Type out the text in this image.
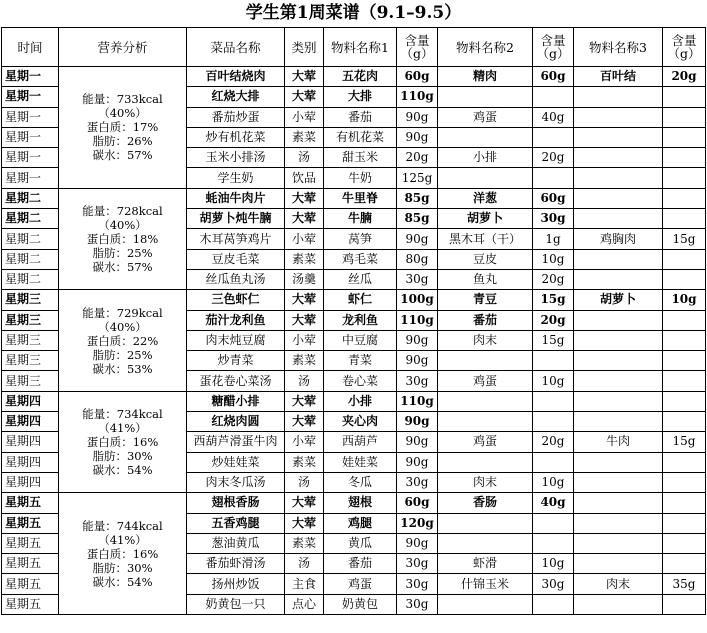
学生第1周菜谱（9.1–9.5）
时间	营养分析	菜品名称	类别	物料名称1	含量（g）	物料名称2	含量（g）	物料名称3	含量（g）
星期一	能量：733kcal
（40%）
蛋白质：17%
脂肪：26%
碳水：57%	百叶结烧肉	大荤	五花肉	60g	精肉	60g	百叶结	20g
星期一		红烧大排	大荤	大排	110g				
星期一		番茄炒蛋	小荤	番茄	90g	鸡蛋	40g		
星期一		炒有机花菜	素菜	有机花菜	90g				
星期一		玉米小排汤	汤	甜玉米	20g	小排	20g		
星期一		学生奶	饮品	牛奶	125g				
星期二	能量：728kcal
（40%）
蛋白质：18%
脂肪：25%
碳水：57%	蚝油牛肉片	大荤	牛里脊	85g	洋葱	60g		
星期二		胡萝卜炖牛腩	大荤	牛腩	85g	胡萝卜	30g		
星期二		木耳莴笋鸡片	小荤	莴笋	90g	黑木耳（干）	1g	鸡胸肉	15g
星期二		豆皮毛菜	素菜	鸡毛菜	80g	豆皮	10g		
星期二		丝瓜鱼丸汤	汤羹	丝瓜	30g	鱼丸	20g		
星期三	能量：729kcal
（40%）
蛋白质：22%
脂肪：25%
碳水：53%	三色虾仁	大荤	虾仁	100g	青豆	15g	胡萝卜	10g
星期三		茄汁龙利鱼	大荤	龙利鱼	110g	番茄	20g		
星期三		肉末炖豆腐	小荤	中豆腐	90g	肉末	15g		
星期三		炒青菜	素菜	青菜	90g				
星期三		蛋花卷心菜汤	汤	卷心菜	30g	鸡蛋	10g		
星期四	能量：734kcal
（41%）
蛋白质：16%
脂肪：30%
碳水：54%	糖醋小排	大荤	小排	110g				
星期四		红烧肉圆	大荤	夹心肉	90g				
星期四		西葫芦滑蛋牛肉	小荤	西葫芦	90g	鸡蛋	20g	牛肉	15g
星期四		炒娃娃菜	素菜	娃娃菜	90g				
星期四		肉末冬瓜汤	汤	冬瓜	30g	肉末	10g		
星期五	能量：744kcal
（41%）
蛋白质：16%
脂肪：30%
碳水：54%	翅根香肠	大荤	翅根	60g	香肠	40g		
星期五		五香鸡腿	大荤	鸡腿	120g				
星期五		葱油黄瓜	素菜	黄瓜	90g				
星期五		番茄虾滑汤	汤	番茄	30g	虾滑	10g		
星期五		扬州炒饭	主食	鸡蛋	30g	什锦玉米	30g	肉末	35g
星期五		奶黄包一只	点心	奶黄包	30g				
